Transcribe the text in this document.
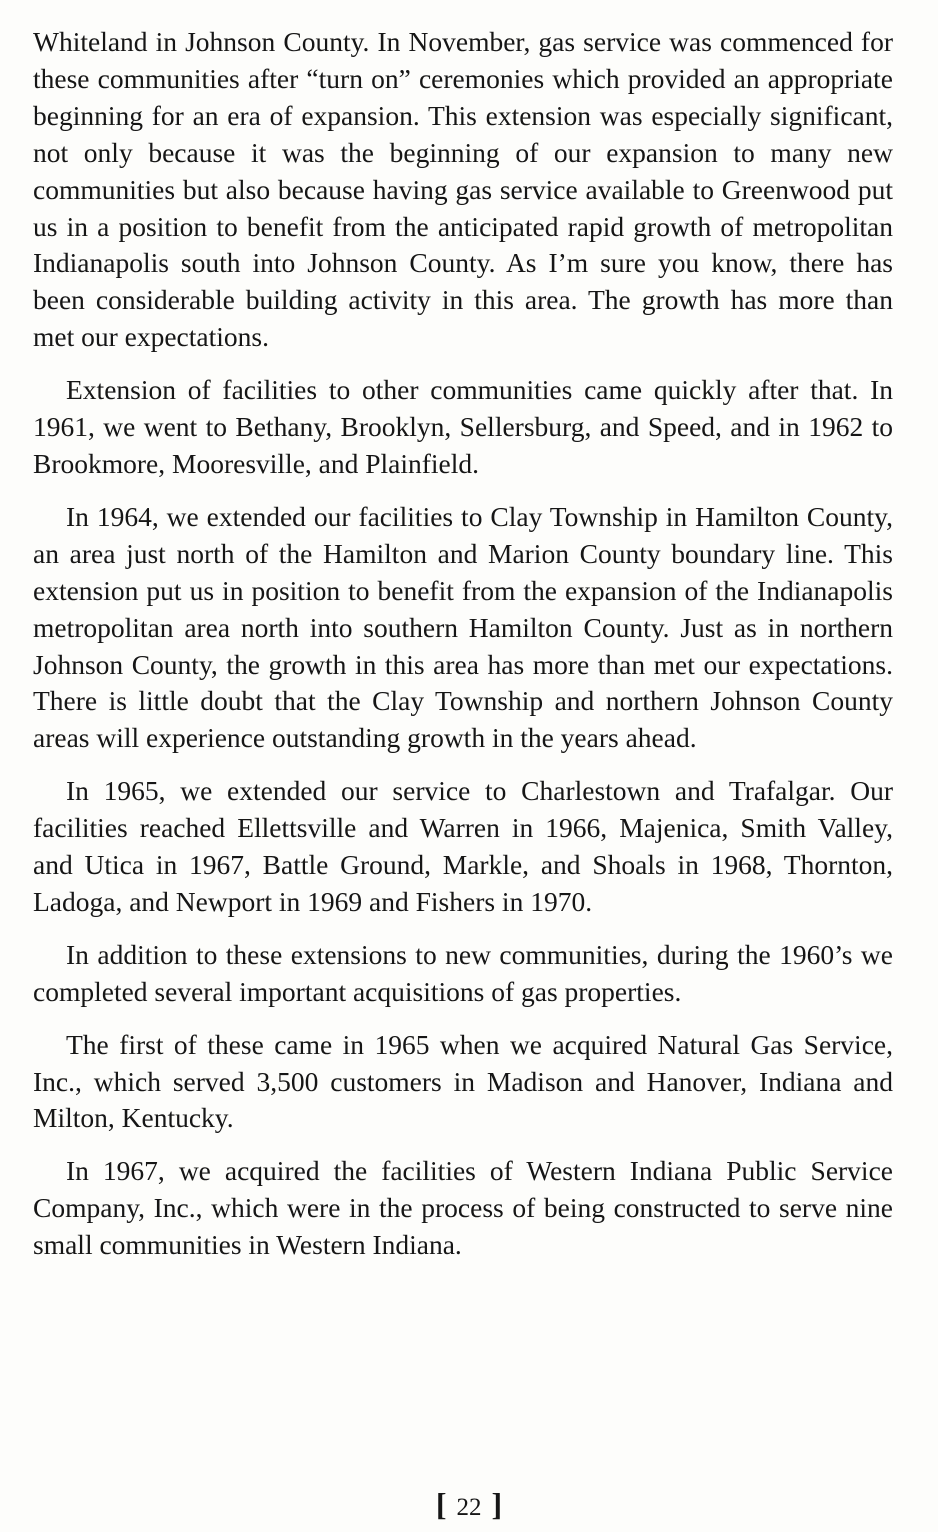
Whiteland in Johnson County. In November, gas service was commenced for these communities after “turn on” ceremonies which provided an appropriate beginning for an era of expansion. This extension was especially significant, not only because it was the beginning of our expansion to many new communities but also because having gas service available to Greenwood put us in a position to benefit from the anticipated rapid growth of metropolitan Indianapolis south into Johnson County. As I’m sure you know, there has been considerable building activity in this area. The growth has more than met our expectations.

Extension of facilities to other communities came quickly after that. In 1961, we went to Bethany, Brooklyn, Sellersburg, and Speed, and in 1962 to Brookmore, Mooresville, and Plainfield.

In 1964, we extended our facilities to Clay Township in Hamilton County, an area just north of the Hamilton and Marion County boundary line. This extension put us in position to benefit from the expansion of the Indianapolis metropolitan area north into southern Hamilton County. Just as in northern Johnson County, the growth in this area has more than met our expectations. There is little doubt that the Clay Township and northern Johnson County areas will experience outstanding growth in the years ahead.

In 1965, we extended our service to Charlestown and Trafalgar. Our facilities reached Ellettsville and Warren in 1966, Majenica, Smith Valley, and Utica in 1967, Battle Ground, Markle, and Shoals in 1968, Thornton, Ladoga, and Newport in 1969 and Fishers in 1970.

In addition to these extensions to new communities, during the 1960’s we completed several important acquisitions of gas properties.

The first of these came in 1965 when we acquired Natural Gas Service, Inc., which served 3,500 customers in Madison and Hanover, Indiana and Milton, Kentucky.

In 1967, we acquired the facilities of Western Indiana Public Service Company, Inc., which were in the process of being constructed to serve nine small communities in Western Indiana.

[ 22 ]
